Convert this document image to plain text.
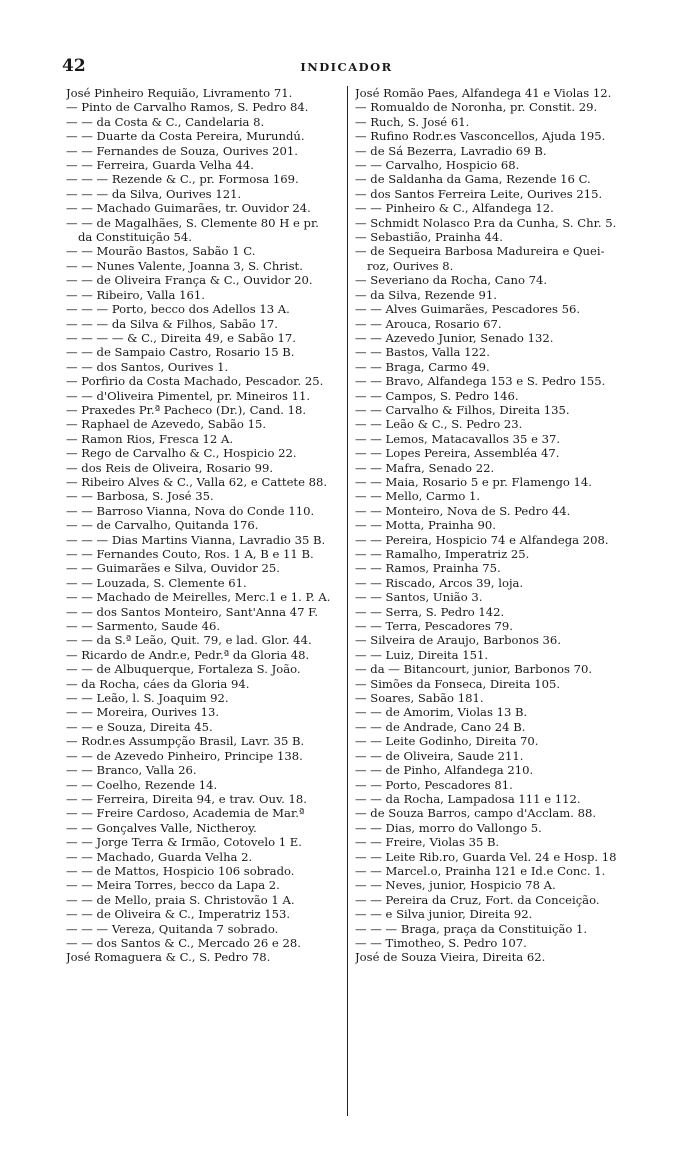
42	INDICADOR
José Pinheiro Requião, Livramento 71.
— Pinto de Carvalho Ramos, S. Pedro 84.
— — da Costa & C., Candelaria 8.
— — Duarte da Costa Pereira, Murundú.
— — Fernandes de Souza, Ourives 201.
— — Ferreira, Guarda Velha 44.
— — — Rezende & C., pr. Formosa 169.
— — — da Silva, Ourives 121.
— — Machado Guimarães, tr. Ouvidor 24.
— — de Magalhães, S. Clemente 80 H e pr.
da Constituição 54.
— — Mourão Bastos, Sabão 1 C.
— — Nunes Valente, Joanna 3, S. Christ.
— — de Oliveira França & C., Ouvidor 20.
— — Ribeiro, Valla 161.
— — — Porto, becco dos Adellos 13 A.
— — — da Silva & Filhos, Sabão 17.
— — — — & C., Direita 49, e Sabão 17.
— — de Sampaio Castro, Rosario 15 B.
— — dos Santos, Ourives 1.
— Porfirio da Costa Machado, Pescador. 25.
— — d'Oliveira Pimentel, pr. Mineiros 11.
— Praxedes Pr.ª Pacheco (Dr.), Cand. 18.
— Raphael de Azevedo, Sabão 15.
— Ramon Rios, Fresca 12 A.
— Rego de Carvalho & C., Hospicio 22.
— dos Reis de Oliveira, Rosario 99.
— Ribeiro Alves & C., Valla 62, e Cattete 88.
— — Barbosa, S. José 35.
— — Barroso Vianna, Nova do Conde 110.
— — de Carvalho, Quitanda 176.
— — — Dias Martins Vianna, Lavradio 35 B.
— — Fernandes Couto, Ros. 1 A, B e 11 B.
— — Guimarães e Silva, Ouvidor 25.
— — Louzada, S. Clemente 61.
— — Machado de Meirelles, Merc.1 e 1. P. A.
— — dos Santos Monteiro, Sant'Anna 47 F.
— — Sarmento, Saude 46.
— — da S.ª Leão, Quit. 79, e lad. Glor. 44.
— Ricardo de Andr.e, Pedr.ª da Gloria 48.
— — de Albuquerque, Fortaleza S. João.
— da Rocha, cáes da Gloria 94.
— — Leão, l. S. Joaquim 92.
— — Moreira, Ourives 13.
— — e Souza, Direita 45.
— Rodr.es Assumpção Brasil, Lavr. 35 B.
— — de Azevedo Pinheiro, Principe 138.
— — Branco, Valla 26.
— — Coelho, Rezende 14.
— — Ferreira, Direita 94, e trav. Ouv. 18.
— — Freire Cardoso, Academia de Mar.ª
— — Gonçalves Valle, Nictheroy.
— — Jorge Terra & Irmão, Cotovelo 1 E.
— — Machado, Guarda Velha 2.
— — de Mattos, Hospicio 106 sobrado.
— — Meira Torres, becco da Lapa 2.
— — de Mello, praia S. Christovão 1 A.
— — de Oliveira & C., Imperatriz 153.
— — — Vereza, Quitanda 7 sobrado.
— — dos Santos & C., Mercado 26 e 28.
José Romaguera & C., S. Pedro 78.
José Romão Paes, Alfandega 41 e Violas 12.
— Romualdo de Noronha, pr. Constit. 29.
— Ruch, S. José 61.
— Rufino Rodr.es Vasconcellos, Ajuda 195.
— de Sá Bezerra, Lavradio 69 B.
— — Carvalho, Hospicio 68.
— de Saldanha da Gama, Rezende 16 C.
— dos Santos Ferreira Leite, Ourives 215.
— — Pinheiro & C., Alfandega 12.
— Schmidt Nolasco P.ra da Cunha, S. Chr. 5.
— Sebastião, Prainha 44.
— de Sequeira Barbosa Madureira e Quei-
roz, Ourives 8.
— Severiano da Rocha, Cano 74.
— da Silva, Rezende 91.
— — Alves Guimarães, Pescadores 56.
— — Arouca, Rosario 67.
— — Azevedo Junior, Senado 132.
— — Bastos, Valla 122.
— — Braga, Carmo 49.
— — Bravo, Alfandega 153 e S. Pedro 155.
— — Campos, S. Pedro 146.
— — Carvalho & Filhos, Direita 135.
— — Leão & C., S. Pedro 23.
— — Lemos, Matacavallos 35 e 37.
— — Lopes Pereira, Assembléa 47.
— — Mafra, Senado 22.
— — Maia, Rosario 5 e pr. Flamengo 14.
— — Mello, Carmo 1.
— — Monteiro, Nova de S. Pedro 44.
— — Motta, Prainha 90.
— — Pereira, Hospicio 74 e Alfandega 208.
— — Ramalho, Imperatriz 25.
— — Ramos, Prainha 75.
— — Riscado, Arcos 39, loja.
— — Santos, União 3.
— — Serra, S. Pedro 142.
— — Terra, Pescadores 79.
— Silveira de Araujo, Barbonos 36.
— — Luiz, Direita 151.
— da — Bitancourt, junior, Barbonos 70.
— Simões da Fonseca, Direita 105.
— Soares, Sabão 181.
— — de Amorim, Violas 13 B.
— — de Andrade, Cano 24 B.
— — Leite Godinho, Direita 70.
— — de Oliveira, Saude 211.
— — de Pinho, Alfandega 210.
— — Porto, Pescadores 81.
— — da Rocha, Lampadosa 111 e 112.
— de Souza Barros, campo d'Acclam. 88.
— — Dias, morro do Vallongo 5.
— — Freire, Violas 35 B.
— — Leite Rib.ro, Guarda Vel. 24 e Hosp. 18
— — Marcel.o, Prainha 121 e Id.e Conc. 1.
— — Neves, junior, Hospicio 78 A.
— — Pereira da Cruz, Fort. da Conceição.
— — e Silva junior, Direita 92.
— — — Braga, praça da Constituição 1.
— — Timotheo, S. Pedro 107.
José de Souza Vieira, Direita 62.
